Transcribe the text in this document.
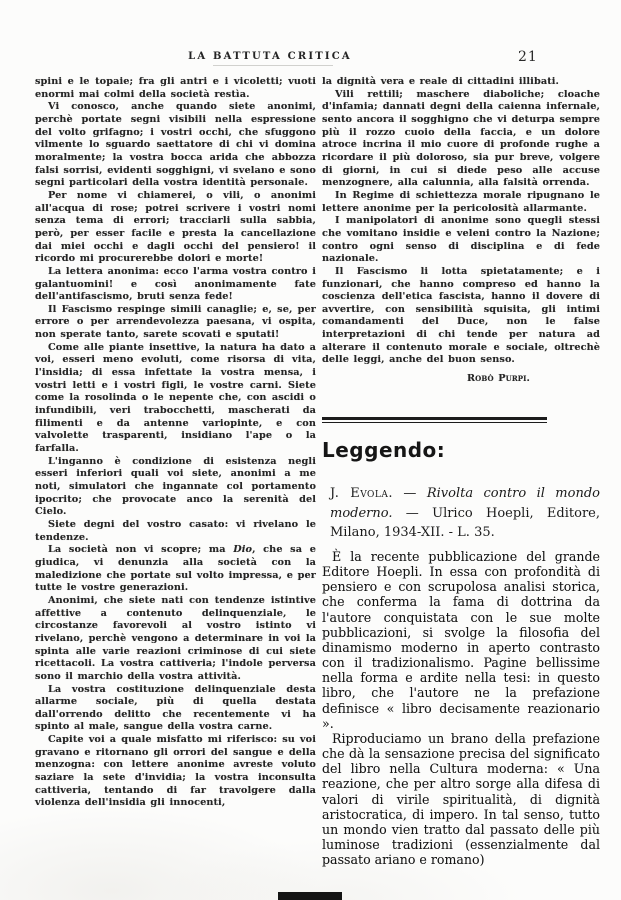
LA BATTUTA CRITICA	21

spini e le topaie; fra gli antri e i vicoletti; vuoti enormi mai colmi della società restìa.

Vi conosco, anche quando siete anonimi, perchè portate segni visibili nella espressione del volto grifagno; i vostri occhi, che sfuggono vilmente lo sguardo saettatore di chi vi domina moralmente; la vostra bocca arida che abbozza falsi sorrisi, evidenti sogghigni, vi svelano e sono segni particolari della vostra identità personale.

Per nome vi chiamerei, o vili, o anonimi all'acqua di rose; potrei scrivere i vostri nomi senza tema di errori; tracciarli sulla sabbia, però, per esser facile e presta la cancellazione dai miei occhi e dagli occhi del pensiero! il ricordo mi procurerebbe dolori e morte!

La lettera anonima: ecco l'arma vostra contro i galantuomini! e così anonimamente fate dell'antifascismo, bruti senza fede!

Il Fascismo respinge simili canaglie; e, se, per errore o per arrendevolezza paesana, vi ospita, non sperate tanto, sarete scovati e sputati!

Come alle piante insettive, la natura ha dato a voi, esseri meno evoluti, come risorsa di vita, l'insidia; di essa infettate la vostra mensa, i vostri letti e i vostri figli, le vostre carni. Siete come la rosolinda o le nepente che, con ascidi o infundibili, veri trabocchetti, mascherati da filimenti e da antenne variopinte, e con valvolette trasparenti, insidiano l'ape o la farfalla.

L'inganno è condizione di esistenza negli esseri inferiori quali voi siete, anonimi a me noti, simulatori che ingannate col portamento ipocrito; che provocate anco la serenità del Cielo.

Siete degni del vostro casato: vi rivelano le tendenze.

La società non vi scopre; ma Dio, che sa e giudica, vi denunzia alla società con la maledizione che portate sul volto impressa, e per tutte le vostre generazioni.

Anonimi, che siete nati con tendenze istintive affettive a contenuto delinquenziale, le circostanze favorevoli al vostro istinto vi rivelano, perchè vengono a determinare in voi la spinta alle varie reazioni criminose di cui siete ricettacoli. La vostra cattiveria; l'indole perversa sono il marchio della vostra attività.

La vostra costituzione delinquenziale desta allarme sociale, più di quella destata dall'orrendo delitto che recentemente vi ha spinto al male, sangue della vostra carne.

Capite voi a quale misfatto mi riferisco: su voi gravano e ritornano gli orrori del sangue e della menzogna: con lettere anonime avreste voluto saziare la sete d'invidia; la vostra inconsulta cattiveria, tentando di far travolgere dalla violenza dell'insidia gli innocenti,

la dignità vera e reale di cittadini illibati.

Vili rettili; maschere diaboliche; cloache d'infamia; dannati degni della caienna infernale, sento ancora il sogghigno che vi deturpa sempre più il rozzo cuoio della faccia, e un dolore atroce incrina il mio cuore di profonde rughe a ricordare il più doloroso, sia pur breve, volgere di giorni, in cui si diede peso alle accuse menzognere, alla calunnia, alla falsità orrenda.

In Regime di schiettezza morale ripugnano le lettere anonime per la pericolosità allarmante.

I manipolatori di anonime sono quegli stessi che vomitano insidie e veleni contro la Nazione; contro ogni senso di disciplina e di fede nazionale.

Il Fascismo li lotta spietatamente; e i funzionari, che hanno compreso ed hanno la coscienza dell'etica fascista, hanno il dovere di avvertire, con sensibilità squisita, gli intimi comandamenti del Duce, non le false interpretazioni di chi tende per natura ad alterare il contenuto morale e sociale, oltrechè delle leggi, anche del buon senso.

Robò Purpi.

Leggendo:

J. Evola. — Rivolta contro il mondo moderno. — Ulrico Hoepli, Editore, Milano, 1934-XII. - L. 35.

È la recente pubblicazione del grande Editore Hoepli. In essa con profondità di pensiero e con scrupolosa analisi storica, che conferma la fama di dottrina da l'autore conquistata con le sue molte pubblicazioni, si svolge la filosofia del dinamismo moderno in aperto contrasto con il tradizionalismo. Pagine bellissime nella forma e ardite nella tesi: in questo libro, che l'autore ne la prefazione definisce « libro decisamente reazionario ».

Riproduciamo un brano della prefazione che dà la sensazione precisa del significato del libro nella Cultura moderna: « Una reazione, che per altro sorge alla difesa di valori di virile spiritualità, di dignità aristocratica, di impero. In tal senso, tutto un mondo vien tratto dal passato delle più luminose tradizioni (essenzialmente dal passato ariano e romano)
